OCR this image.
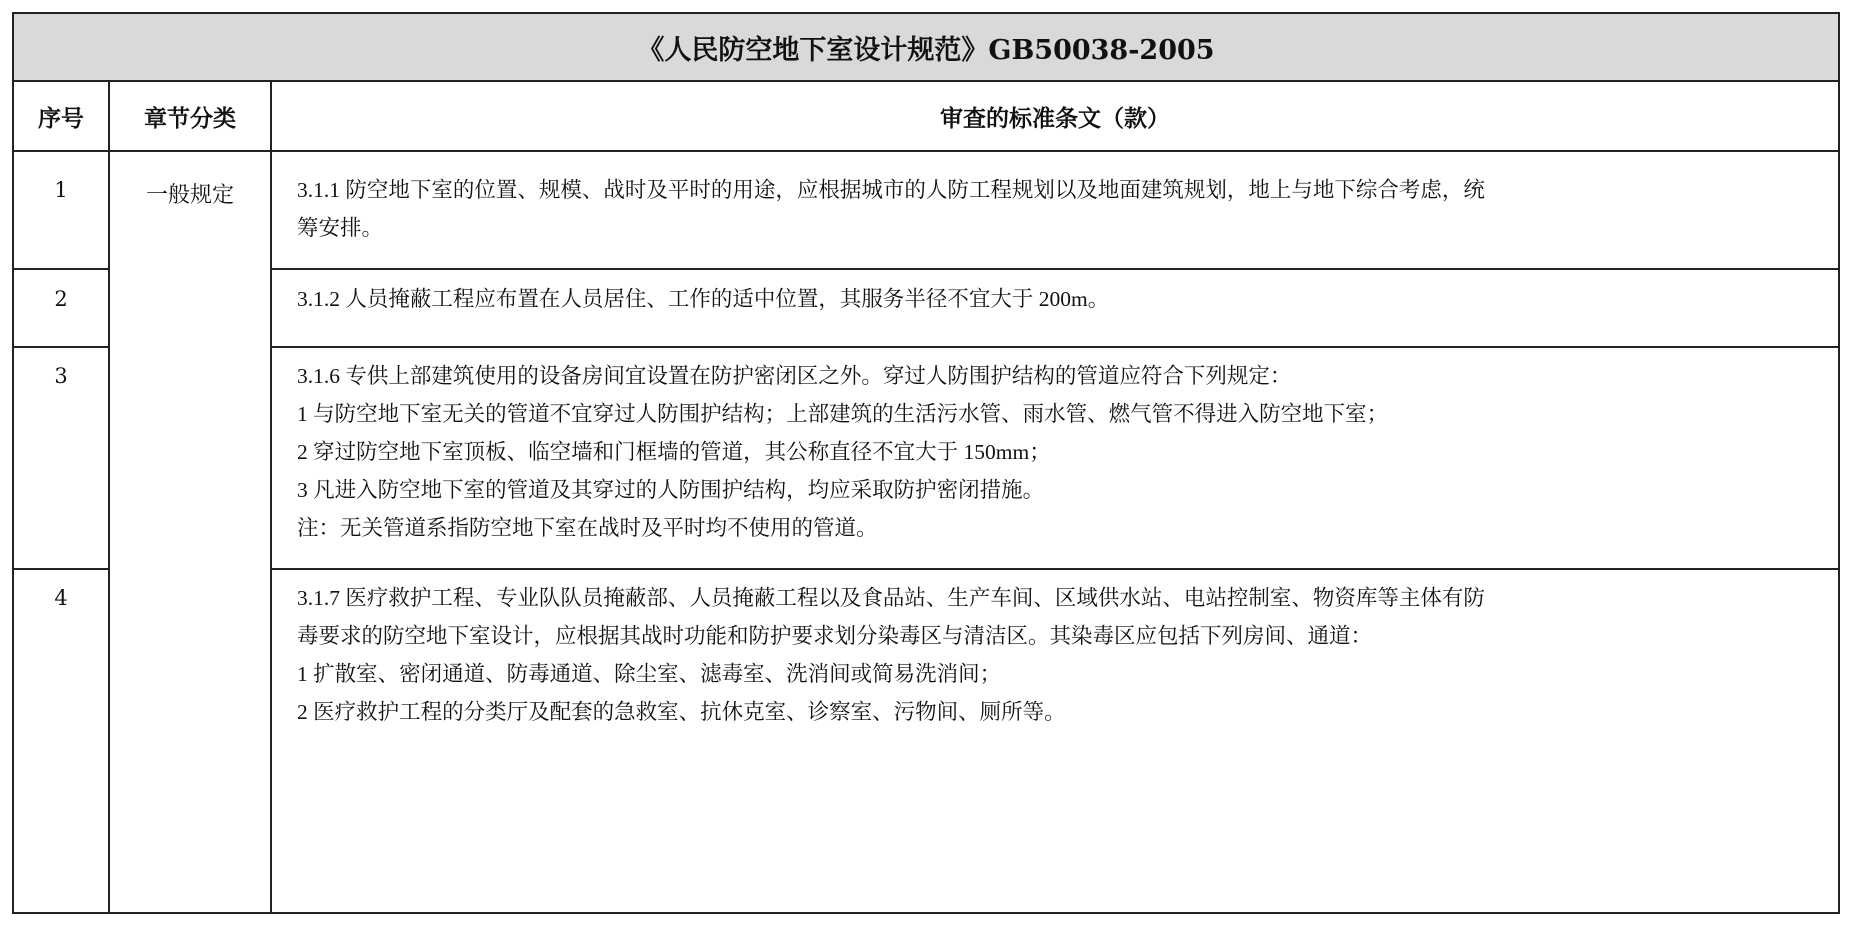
《人民防空地下室设计规范》GB50038-2005
序号	章节分类	审查的标准条文（款）
一般规定
1	3.1.1 防空地下室的位置、规模、战时及平时的用途，应根据城市的人防工程规划以及地面建筑规划，地上与地下综合考虑，统

筹安排。

2	3.1.2 人员掩蔽工程应布置在人员居住、工作的适中位置，其服务半径不宜大于 200m。

3	3.1.6 专供上部建筑使用的设备房间宜设置在防护密闭区之外。穿过人防围护结构的管道应符合下列规定：

1 与防空地下室无关的管道不宜穿过人防围护结构；上部建筑的生活污水管、雨水管、燃气管不得进入防空地下室；

2 穿过防空地下室顶板、临空墙和门框墙的管道，其公称直径不宜大于 150mm；

3 凡进入防空地下室的管道及其穿过的人防围护结构，均应采取防护密闭措施。

注：无关管道系指防空地下室在战时及平时均不使用的管道。

4	3.1.7 医疗救护工程、专业队队员掩蔽部、人员掩蔽工程以及食品站、生产车间、区域供水站、电站控制室、物资库等主体有防

毒要求的防空地下室设计，应根据其战时功能和防护要求划分染毒区与清洁区。其染毒区应包括下列房间、通道：

1 扩散室、密闭通道、防毒通道、除尘室、滤毒室、洗消间或简易洗消间；

2 医疗救护工程的分类厅及配套的急救室、抗休克室、诊察室、污物间、厕所等。
